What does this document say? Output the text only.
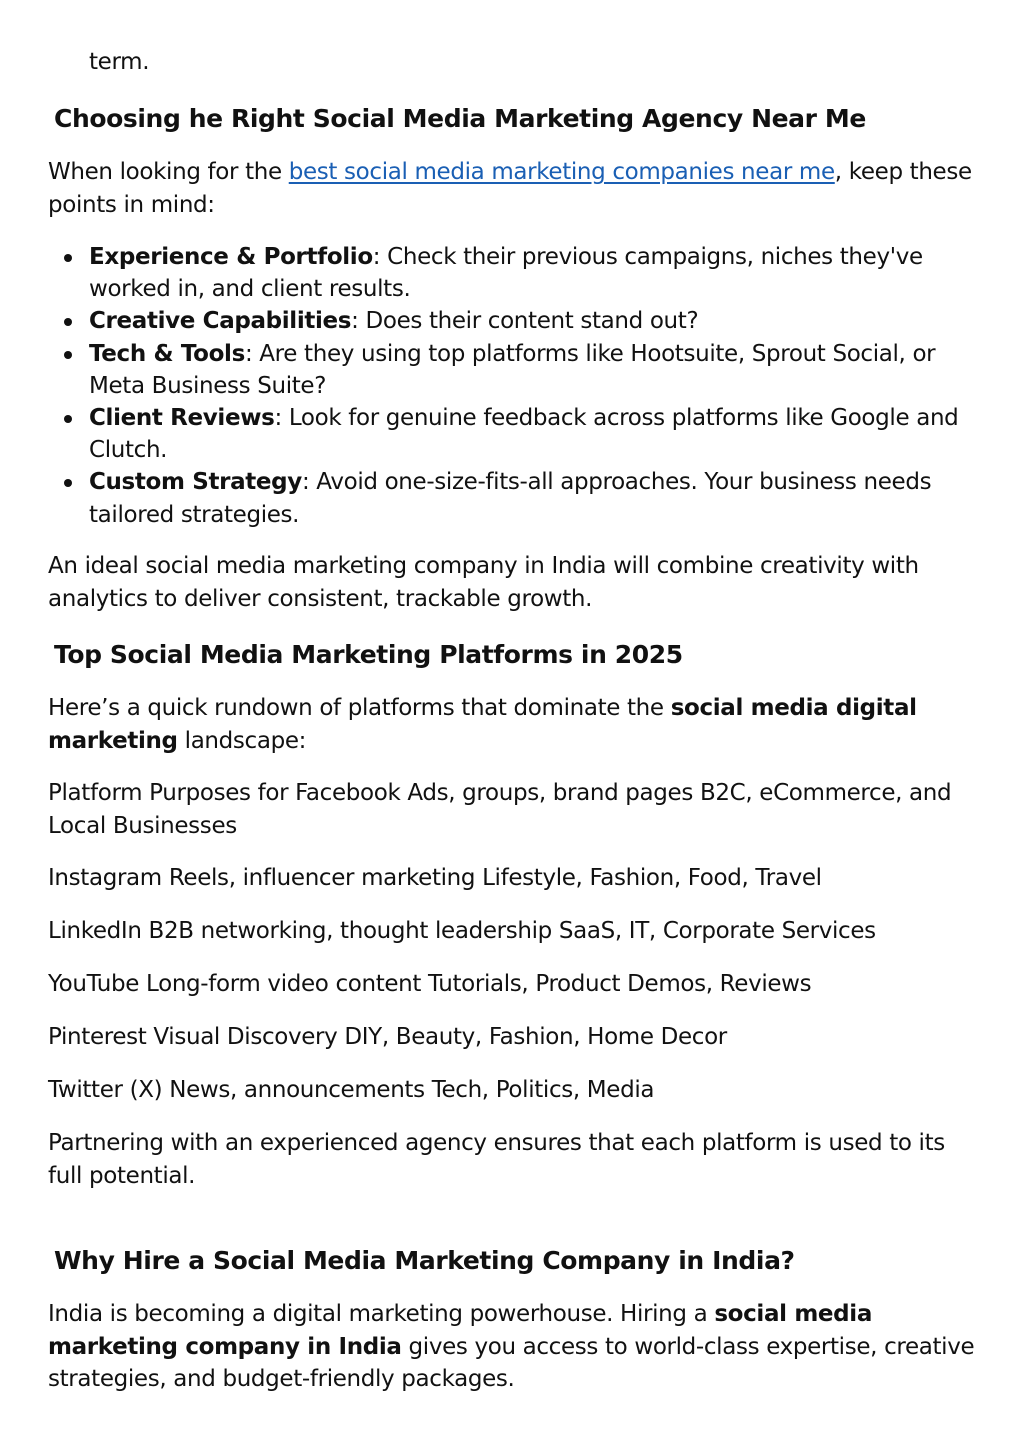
term.

Choosing he Right Social Media Marketing Agency Near Me

When looking for the best social media marketing companies near me, keep these points in mind:

Experience & Portfolio: Check their previous campaigns, niches they've worked in, and client results.
Creative Capabilities: Does their content stand out?
Tech & Tools: Are they using top platforms like Hootsuite, Sprout Social, or Meta Business Suite?
Client Reviews: Look for genuine feedback across platforms like Google and Clutch.
Custom Strategy: Avoid one-size-fits-all approaches. Your business needs tailored strategies.

An ideal social media marketing company in India will combine creativity with analytics to deliver consistent, trackable growth.

Top Social Media Marketing Platforms in 2025

Here’s a quick rundown of platforms that dominate the social media digital marketing landscape:

Platform Purposes for Facebook Ads, groups, brand pages B2C, eCommerce, and Local Businesses

Instagram Reels, influencer marketing Lifestyle, Fashion, Food, Travel

LinkedIn B2B networking, thought leadership SaaS, IT, Corporate Services

YouTube Long-form video content Tutorials, Product Demos, Reviews

Pinterest Visual Discovery DIY, Beauty, Fashion, Home Decor

Twitter (X) News, announcements Tech, Politics, Media

Partnering with an experienced agency ensures that each platform is used to its full potential.

Why Hire a Social Media Marketing Company in India?

India is becoming a digital marketing powerhouse. Hiring a social media marketing company in India gives you access to world-class expertise, creative strategies, and budget-friendly packages.
